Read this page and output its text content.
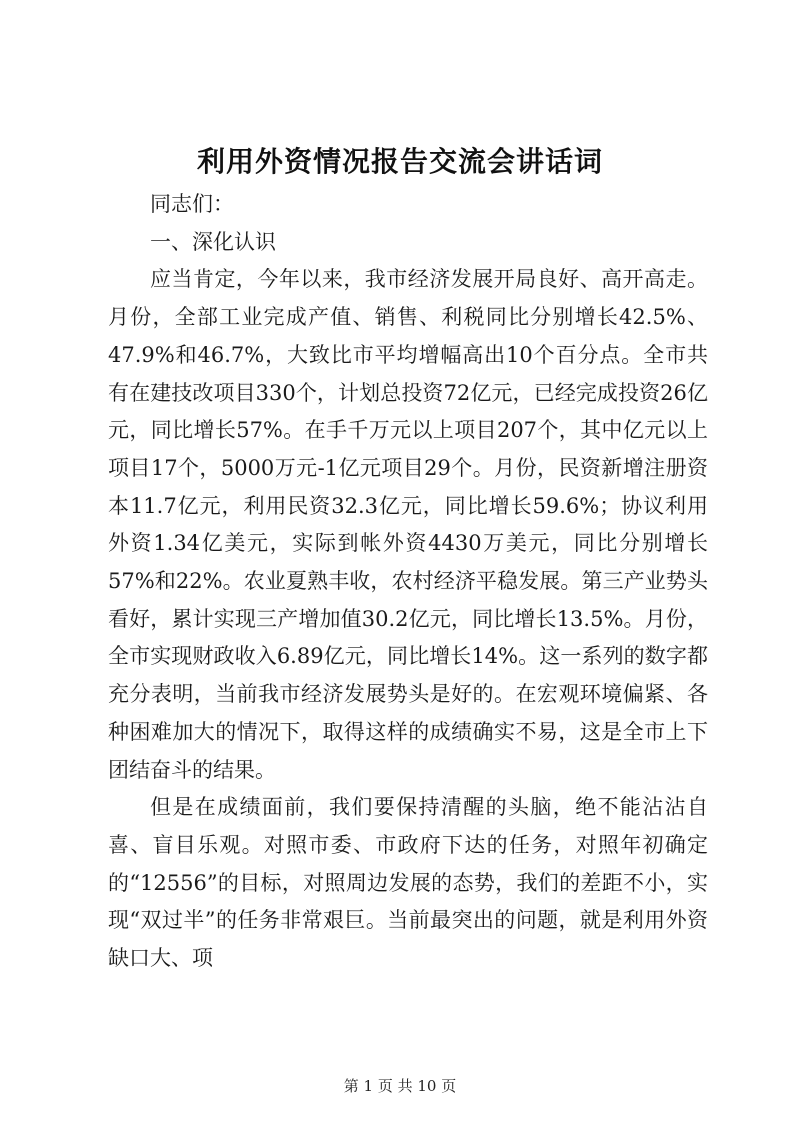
利用外资情况报告交流会讲话词

同志们：

一、深化认识

应当肯定，今年以来，我市经济发展开局良好、高开高走。月份，全部工业完成产值、销售、利税同比分别增长42.5%、47.9%和46.7%，大致比市平均增幅高出10个百分点。全市共有在建技改项目330个，计划总投资72亿元，已经完成投资26亿元，同比增长57%。在手千万元以上项目207个，其中亿元以上项目17个，5000万元-1亿元项目29个。月份，民资新增注册资本11.7亿元，利用民资32.3亿元，同比增长59.6%；协议利用外资1.34亿美元，实际到帐外资4430万美元，同比分别增长57%和22%。农业夏熟丰收，农村经济平稳发展。第三产业势头看好，累计实现三产增加值30.2亿元，同比增长13.5%。月份，全市实现财政收入6.89亿元，同比增长14%。这一系列的数字都充分表明，当前我市经济发展势头是好的。在宏观环境偏紧、各种困难加大的情况下，取得这样的成绩确实不易，这是全市上下团结奋斗的结果。

但是在成绩面前，我们要保持清醒的头脑，绝不能沾沾自喜、盲目乐观。对照市委、市政府下达的任务，对照年初确定的“12556”的目标，对照周边发展的态势，我们的差距不小，实现“双过半”的任务非常艰巨。当前最突出的问题，就是利用外资缺口大、项

第 1 页 共 10 页
